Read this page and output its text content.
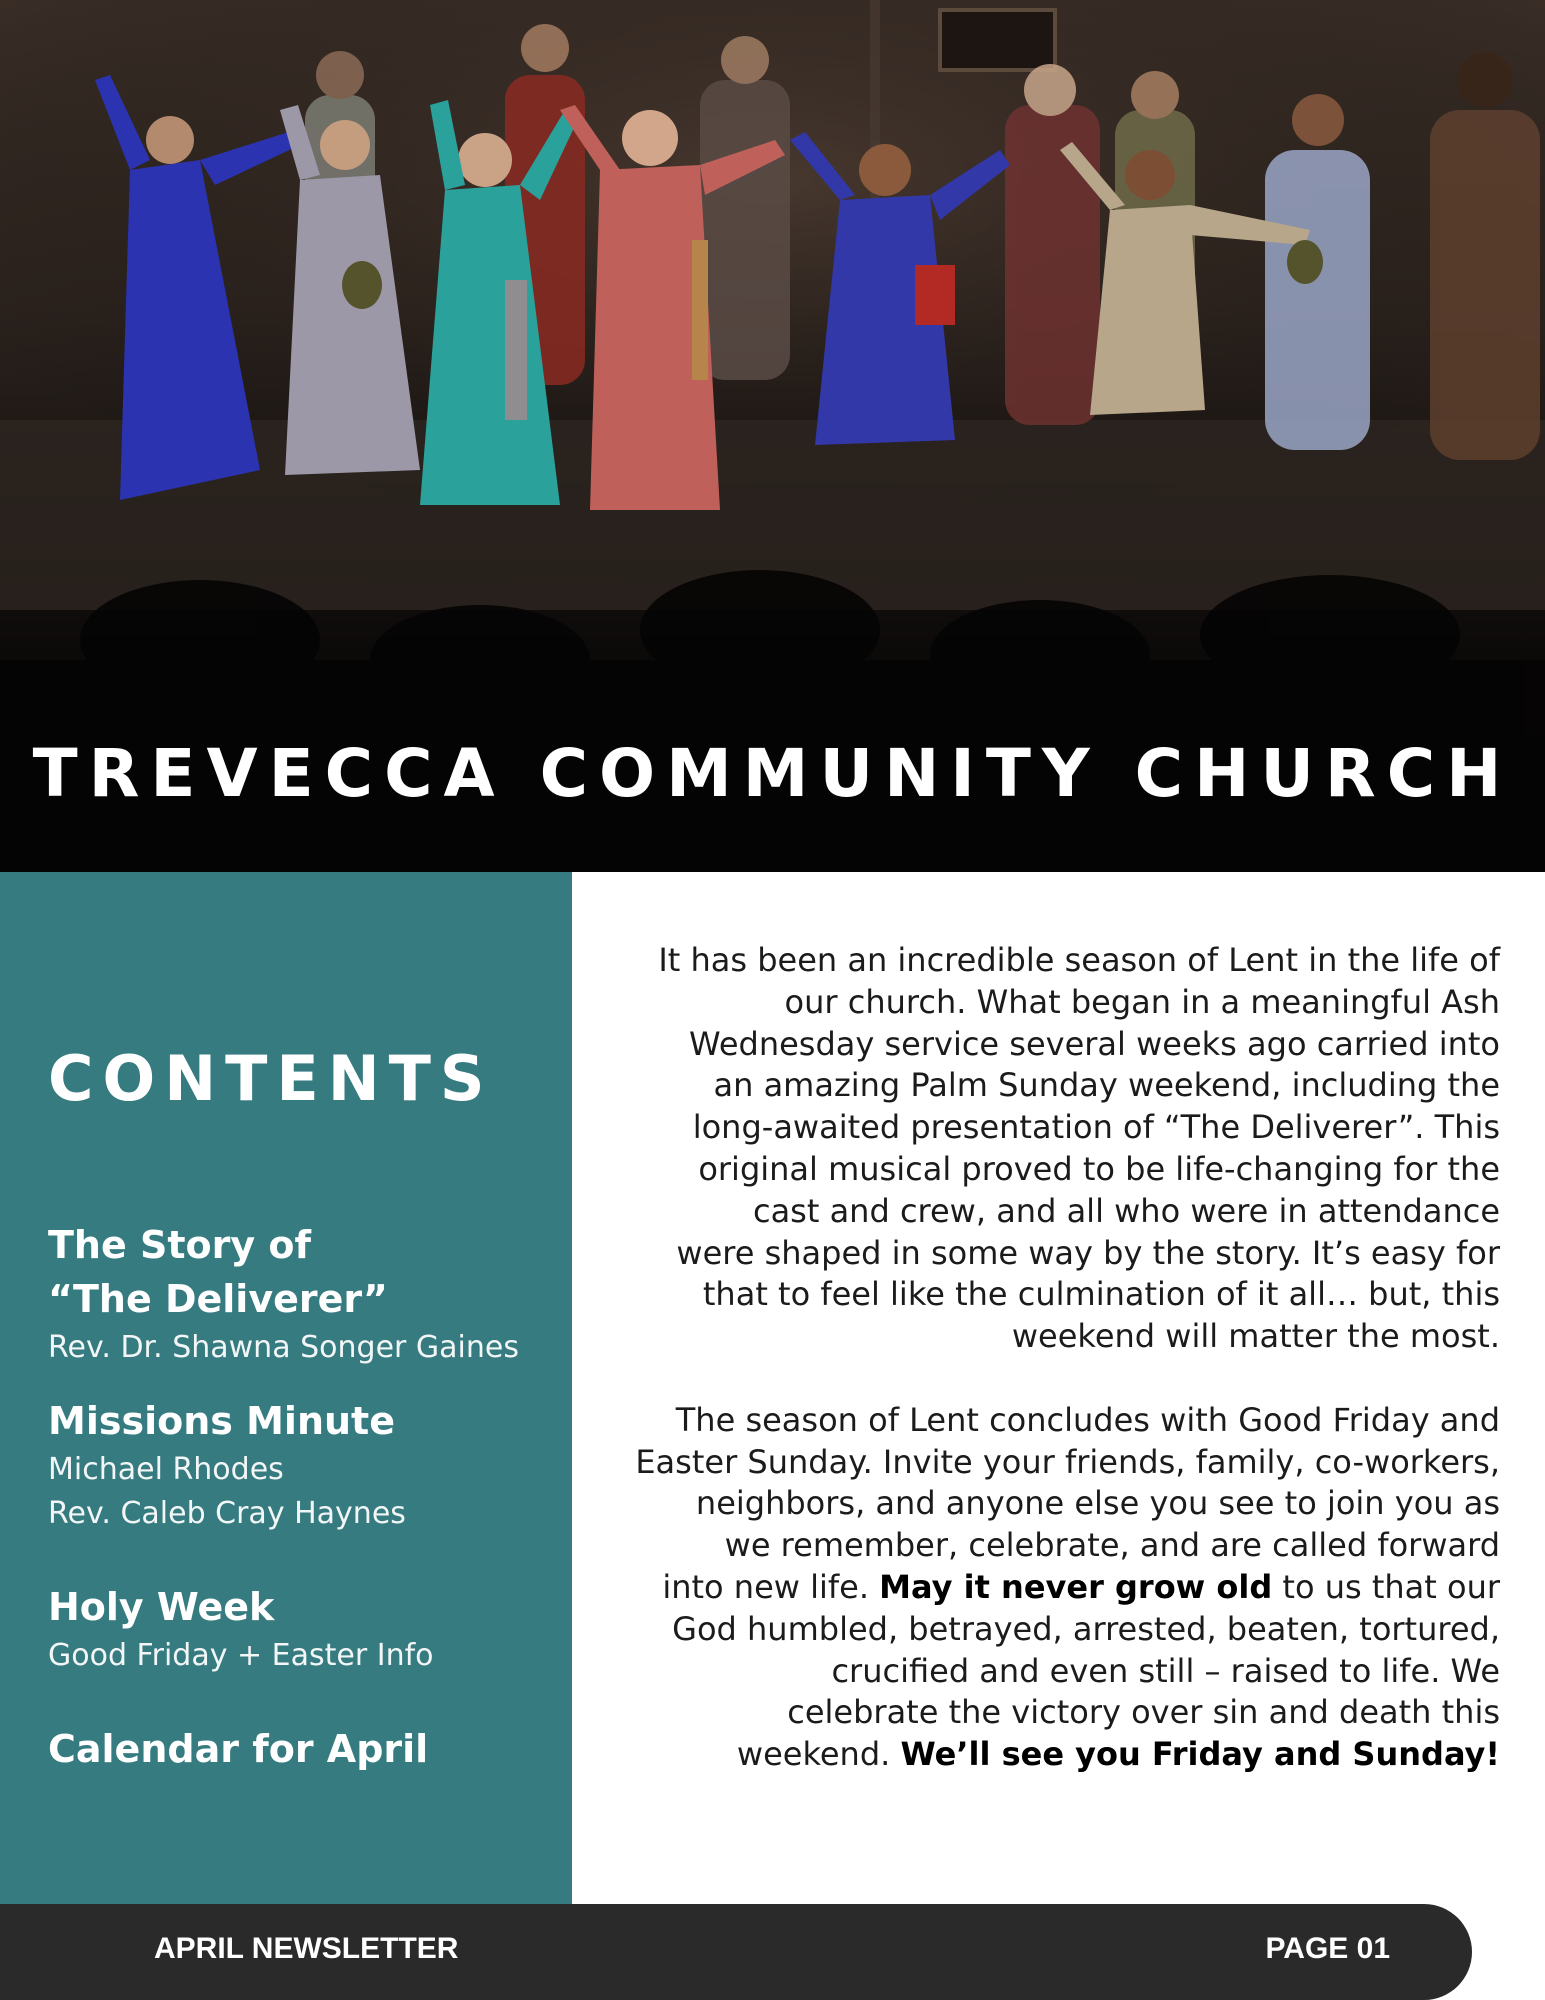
TREVECCA COMMUNITY CHURCH
CONTENTS
The Story of
“The Deliverer”
Rev. Dr. Shawna Songer Gaines
Missions Minute
Michael Rhodes
Rev. Caleb Cray Haynes
Holy Week
Good Friday + Easter Info
Calendar for April

It has been an incredible season of Lent in the life of
our church. What began in a meaningful Ash
Wednesday service several weeks ago carried into
an amazing Palm Sunday weekend, including the
long-awaited presentation of “The Deliverer”. This
original musical proved to be life-changing for the
cast and crew, and all who were in attendance
were shaped in some way by the story. It’s easy for
that to feel like the culmination of it all… but, this
weekend will matter the most.

The season of Lent concludes with Good Friday and
Easter Sunday. Invite your friends, family, co-workers,
neighbors, and anyone else you see to join you as
we remember, celebrate, and are called forward
into new life. May it never grow old to us that our
God humbled, betrayed, arrested, beaten, tortured,
crucified and even still – raised to life. We
celebrate the victory over sin and death this
weekend. We’ll see you Friday and Sunday!

APRIL NEWSLETTER	PAGE 01
